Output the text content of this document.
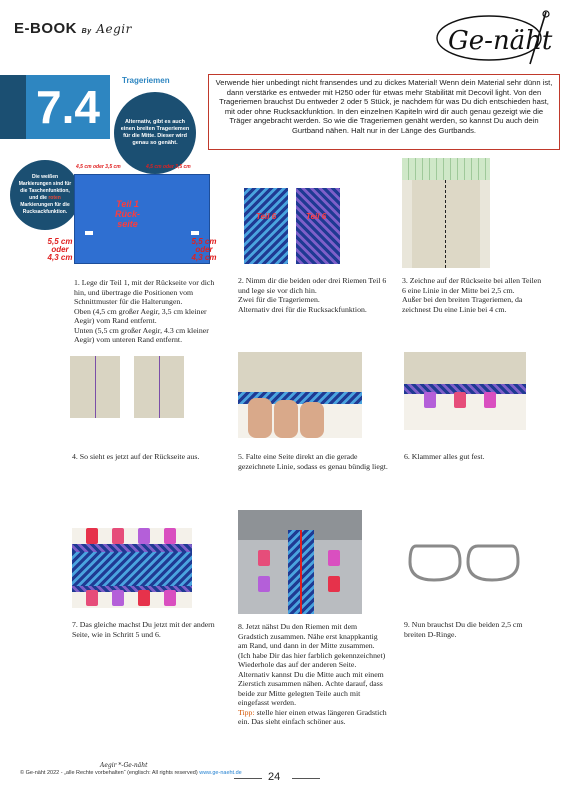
E-BOOK By Aegir	Ge-näht
7.4
Trageriemen	Verwende hier unbedingt nicht fransendes und zu dickes Material! Wenn dein Material sehr dünn ist, dann verstärke es entweder mit H250 oder für etwas mehr Stabilität mit Decovil light. Von den Trageriemen brauchst Du entweder 2 oder 5 Stück, je nachdem für was Du dich entschieden hast, mit oder ohne Rucksackfunktion. In den einzelnen Kapiteln wird dir auch genau gezeigt wie die Träger angebracht werden. So wie die Trageriemen genäht werden, so kannst Du auch dein Gurtband nähen. Halt nur in der Länge des Gurtbands.
Alternativ, gibt es auch einen breiten Trageriemen für die Mitte. Dieser wird genau so genäht.
Die weißen Markierungen sind für die Taschenfunktion, und die roten Markierungen für die Rucksackfunktion.
4,5 cm oder 3,5 cm	4,5 cm oder 3,5 cm
Teil 1
Rück-
seite
5,5 cm oder 4,3 cm
5,5 cm oder 4,3 cm
1. Lege dir Teil 1, mit der Rückseite vor dich hin, und übertrage die Positionen vom Schnittmuster für die Halterungen.
Oben (4,5 cm großer Aegir, 3,5 cm kleiner Aegir) vom Rand entfernt.
Unten (5,5 cm großer Aegir, 4.3 cm kleiner Aegir) vom unteren Rand entfernt.
Teil 6	Teil 6
2. Nimm dir die beiden oder drei Riemen Teil 6 und lege sie vor dich hin.
Zwei für die Trageriemen.
Alternativ drei für die Rucksackfunktion.
3. Zeichne auf der Rückseite bei allen Teilen 6 eine Linie in der Mitte bei 2,5 cm.
Außer bei den breiten Trageriemen, da zeichnest Du eine Linie bei 4 cm.
4. So sieht es jetzt auf der Rückseite aus.	5. Falte eine Seite direkt an die gerade gezeichnete Linie, sodass es genau bündig liegt.
6. Klammer alles gut fest.
7. Das gleiche machst Du jetzt mit der andern Seite, wie in Schritt 5 und 6.
8. Jetzt nähst Du den Riemen mit dem Gradstich zusammen. Nähe erst knappkantig am Rand, und dann in der Mitte zusammen. (Ich habe Dir das hier farblich gekennzeichnet)
Wiederhole das auf der anderen Seite.
Alternativ kannst Du die Mitte auch mit einem Zierstich zusammen nähen. Achte darauf, dass beide zur Mitte gelegten Teile auch mit eingefasst werden.
Tipp: stelle hier einen etwas längeren Gradstich ein. Das sieht einfach schöner aus.
9. Nun brauchst Du die beiden 2,5 cm breiten D-Ringe.
Aegir *-Ge-näht
© Ge-näht 2022 - „alle Rechte vorbehalten“ (englisch: All rights reserved) www.ge-naeht.de 24
